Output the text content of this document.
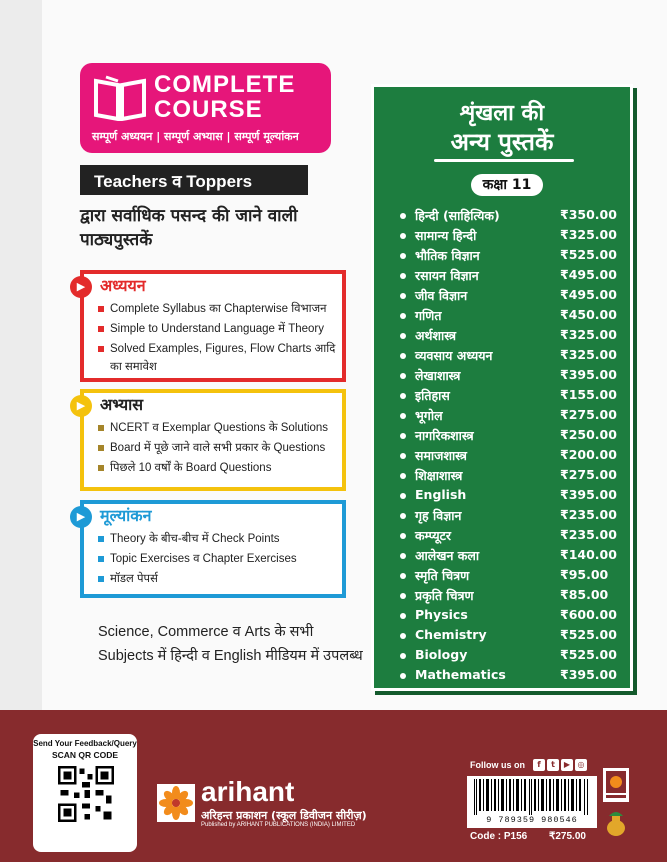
COMPLETE
COURSE
सम्पूर्ण अध्ययन | सम्पूर्ण अभ्यास | सम्पूर्ण मूल्यांकन
Teachers व Toppers
द्वारा सर्वाधिक पसन्द की जाने वाली पाठ्यपुस्तकें
▶ अध्ययन
Complete Syllabus का Chapterwise विभाजन
Simple to Understand Language में Theory
Solved Examples, Figures, Flow Charts आदि का समावेश
▶ अभ्यास
NCERT व Exemplar Questions के Solutions
Board में पूछे जाने वाले सभी प्रकार के Questions
पिछले 10 वर्षों के Board Questions
▶ मूल्यांकन
Theory के बीच-बीच में Check Points
Topic Exercises व Chapter Exercises
मॉडल पेपर्स
Science, Commerce व Arts के सभी Subjects में हिन्दी व English मीडियम में उपलब्ध
शृंखला की
अन्य पुस्तकें
कक्षा 11
हिन्दी (साहित्यिक)	₹350.00
सामान्य हिन्दी	₹325.00
भौतिक विज्ञान	₹525.00
रसायन विज्ञान	₹495.00
जीव विज्ञान	₹495.00
गणित	₹450.00
अर्थशास्त्र	₹325.00
व्यवसाय अध्ययन	₹325.00
लेखाशास्त्र	₹395.00
इतिहास	₹155.00
भूगोल	₹275.00
नागरिकशास्त्र	₹250.00
समाजशास्त्र	₹200.00
शिक्षाशास्त्र	₹275.00
English	₹395.00
गृह विज्ञान	₹235.00
कम्प्यूटर	₹235.00
आलेखन कला	₹140.00
स्मृति चित्रण	₹95.00
प्रकृति चित्रण	₹85.00
Physics	₹600.00
Chemistry	₹525.00
Biology	₹525.00
Mathematics	₹395.00
Send Your Feedback/Query
SCAN QR CODE
arihant
अरिहन्त प्रकाशन (स्कूल डिवीजन सीरीज़)
Published by ARIHANT PUBLICATIONS (INDIA) LIMITED
Follow us on	f	t	▶ ◎
9 789359 980546
Code : P156 ₹275.00
